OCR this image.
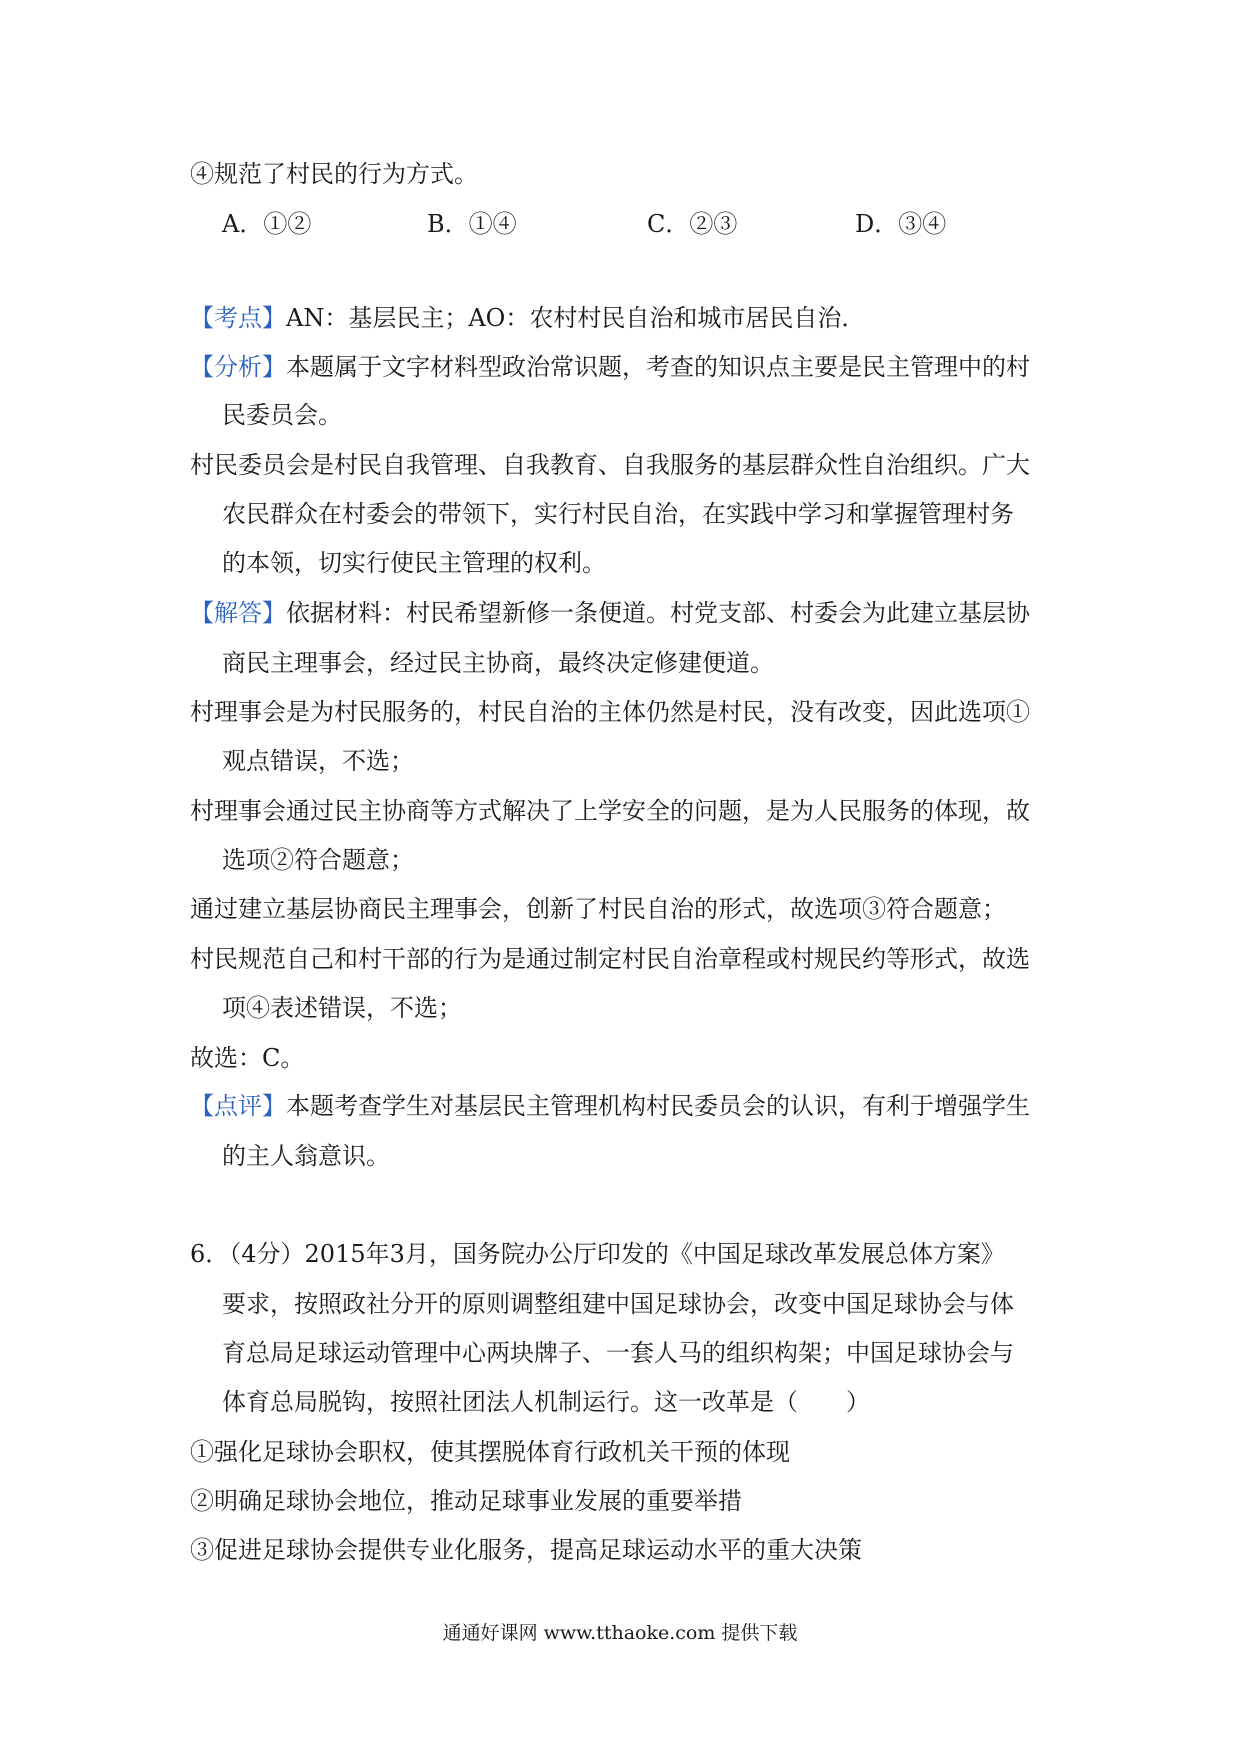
④规范了村民的行为方式。
A．①②	B．①④	C．②③	D．③④
【考点】AN：基层民主；AO：农村村民自治和城市居民自治．
【分析】本题属于文字材料型政治常识题，考查的知识点主要是民主管理中的村
民委员会。
村民委员会是村民自我管理、自我教育、自我服务的基层群众性自治组织。广大
农民群众在村委会的带领下，实行村民自治，在实践中学习和掌握管理村务
的本领，切实行使民主管理的权利。
【解答】依据材料：村民希望新修一条便道。村党支部、村委会为此建立基层协
商民主理事会，经过民主协商，最终决定修建便道。
村理事会是为村民服务的，村民自治的主体仍然是村民，没有改变，因此选项①
观点错误，不选；
村理事会通过民主协商等方式解决了上学安全的问题，是为人民服务的体现，故
选项②符合题意；
通过建立基层协商民主理事会，创新了村民自治的形式，故选项③符合题意；
村民规范自己和村干部的行为是通过制定村民自治章程或村规民约等形式，故选
项④表述错误，不选；
故选：C。
【点评】本题考查学生对基层民主管理机构村民委员会的认识，有利于增强学生
的主人翁意识。
6．（4分）2015年3月，国务院办公厅印发的《中国足球改革发展总体方案》
要求，按照政社分开的原则调整组建中国足球协会，改变中国足球协会与体
育总局足球运动管理中心两块牌子、一套人马的组织构架；中国足球协会与
体育总局脱钩，按照社团法人机制运行。这一改革是（　　）
①强化足球协会职权，使其摆脱体育行政机关干预的体现
②明确足球协会地位，推动足球事业发展的重要举措
③促进足球协会提供专业化服务，提高足球运动水平的重大决策
通通好课网 www.tthaoke.com 提供下载
